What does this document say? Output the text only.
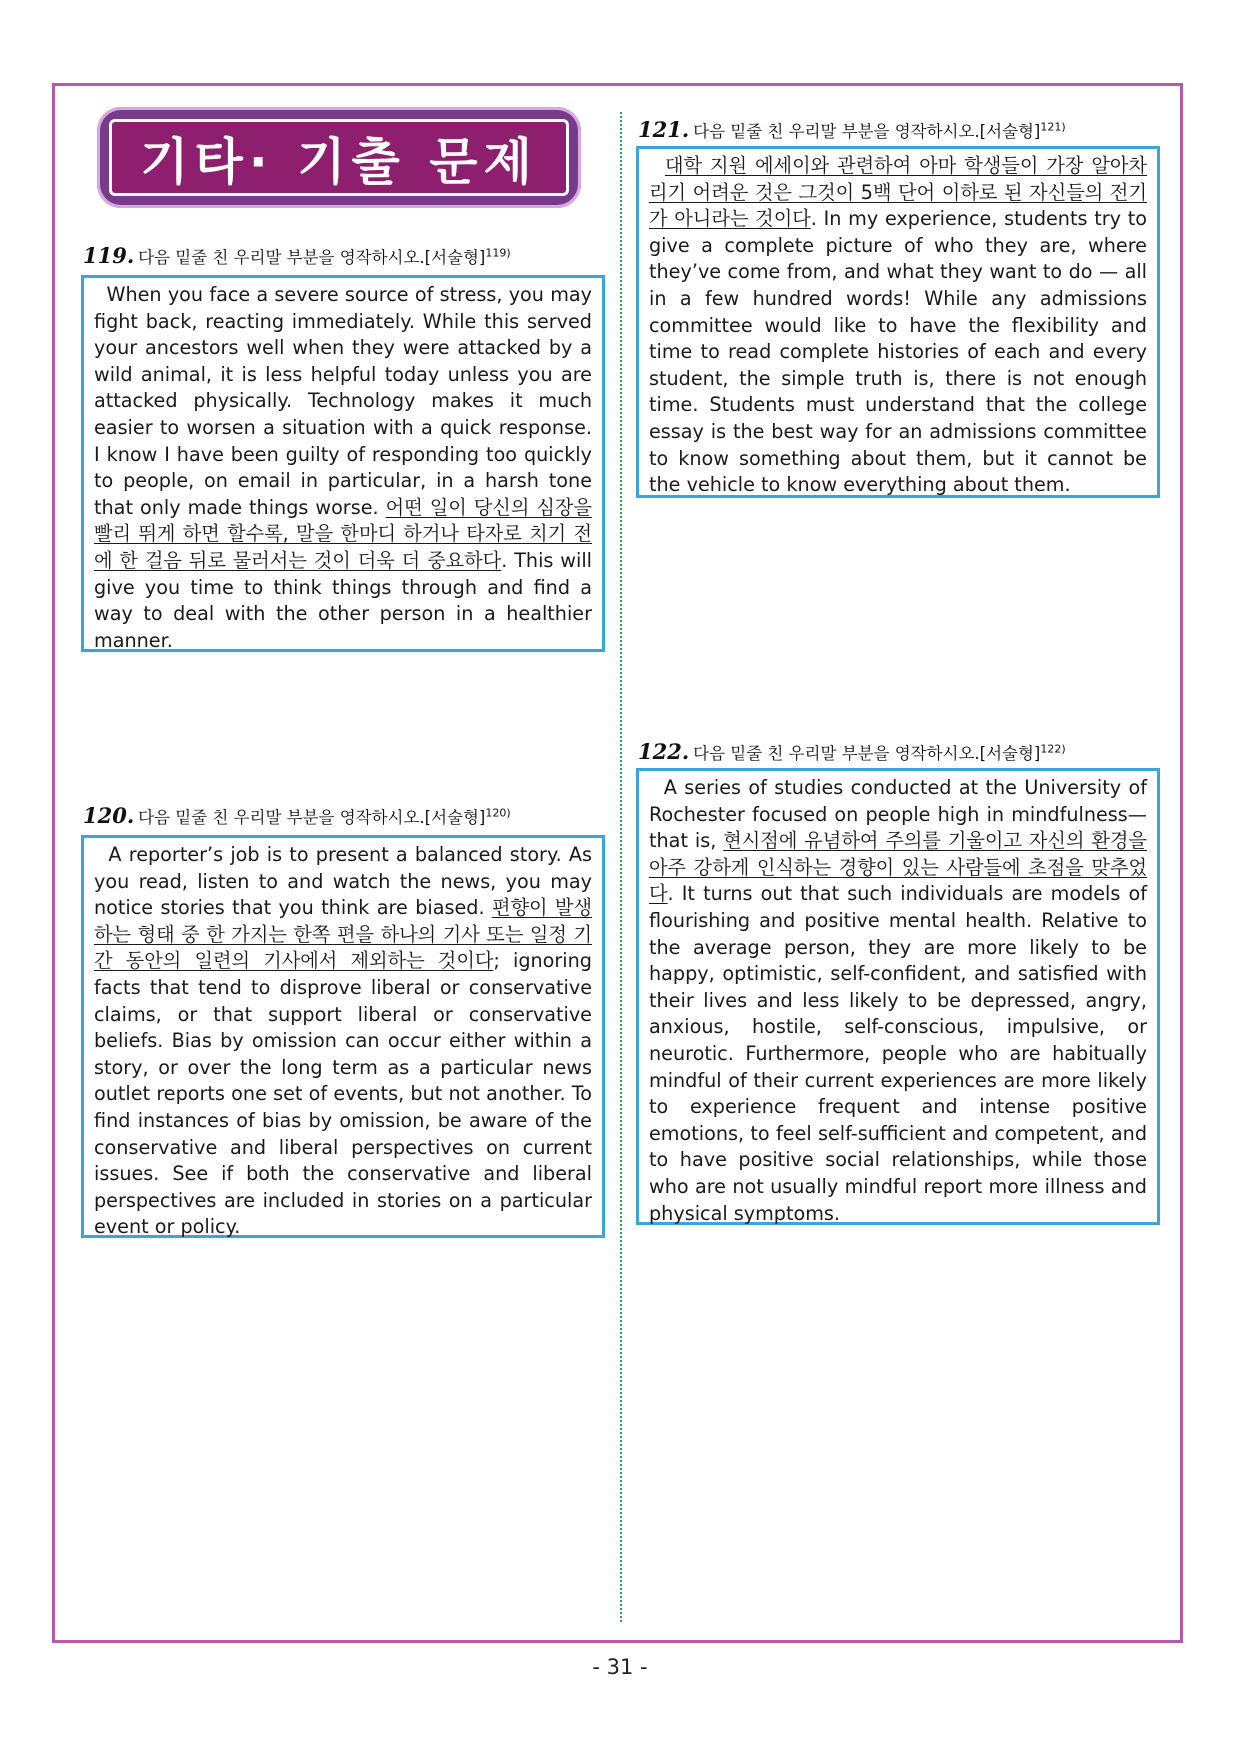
기타· 기출 문제
119. 다음 밑줄 친 우리말 부분을 영작하시오.[서술형]$^{119)}$
When you face a severe source of stress, you may fight back, reacting immediately. While this served your ancestors well when they were attacked by a wild animal, it is less helpful today unless you are attacked physically. Technology makes it much easier to worsen a situation with a quick response. I know I have been guilty of responding too quickly to people, on email in particular, in a harsh tone that only made things worse. 어떤 일이 당신의 심장을 빨리 뛰게 하면 할수록, 말을 한마디 하거나 타자로 치기 전에 한 걸음 뒤로 물러서는 것이 더욱 더 중요하다. This will give you time to think things through and find a way to deal with the other person in a healthier manner.
120. 다음 밑줄 친 우리말 부분을 영작하시오.[서술형]$^{120)}$
A reporter’s job is to present a balanced story. As you read, listen to and watch the news, you may notice stories that you think are biased. 편향이 발생하는 형태 중 한 가지는 한쪽 편을 하나의 기사 또는 일정 기간 동안의 일련의 기사에서 제외하는 것이다; ignoring facts that tend to disprove liberal or conservative claims, or that support liberal or conservative beliefs. Bias by omission can occur either within a story, or over the long term as a particular news outlet reports one set of events, but not another. To find instances of bias by omission, be aware of the conservative and liberal perspectives on current issues. See if both the conservative and liberal perspectives are included in stories on a particular event or policy.
121. 다음 밑줄 친 우리말 부분을 영작하시오.[서술형]$^{121)}$
대학 지원 에세이와 관련하여 아마 학생들이 가장 알아차리기 어려운 것은 그것이 5백 단어 이하로 된 자신들의 전기가 아니라는 것이다. In my experience, students try to give a complete picture of who they are, where they’ve come from, and what they want to do — all in a few hundred words! While any admissions committee would like to have the flexibility and time to read complete histories of each and every student, the simple truth is, there is not enough time. Students must understand that the college essay is the best way for an admissions committee to know something about them, but it cannot be the vehicle to know everything about them.
122. 다음 밑줄 친 우리말 부분을 영작하시오.[서술형]$^{122)}$
A series of studies conducted at the University of Rochester focused on people high in mindfulness—that is, 현시점에 유념하여 주의를 기울이고 자신의 환경을 아주 강하게 인식하는 경향이 있는 사람들에 초점을 맞추었다. It turns out that such individuals are models of flourishing and positive mental health. Relative to the average person, they are more likely to be happy, optimistic, self-confident, and satisfied with their lives and less likely to be depressed, angry, anxious, hostile, self-conscious, impulsive, or neurotic. Furthermore, people who are habitually mindful of their current experiences are more likely to experience frequent and intense positive emotions, to feel self-sufficient and competent, and to have positive social relationships, while those who are not usually mindful report more illness and physical symptoms.
- 31 -
